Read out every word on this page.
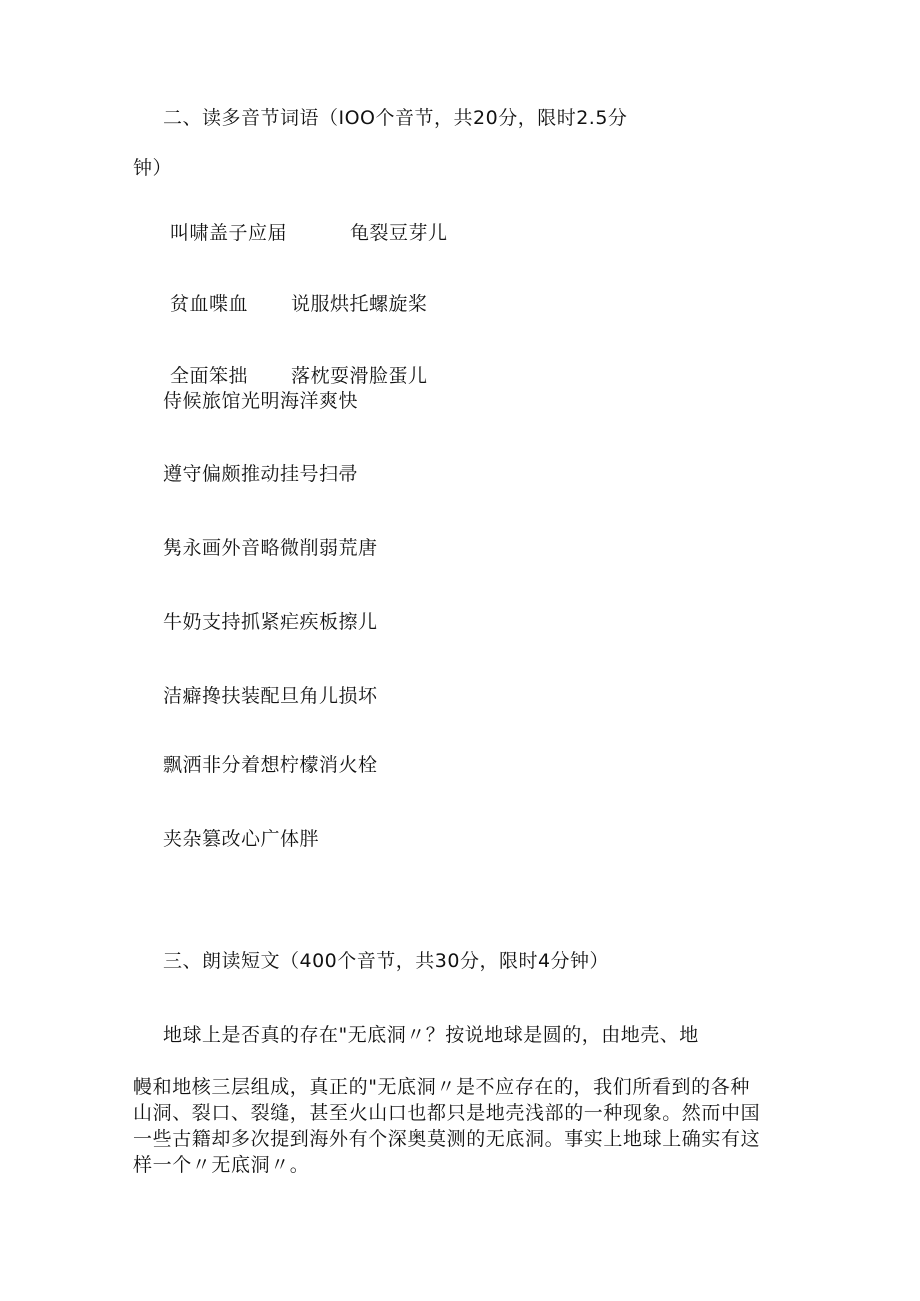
二、读多音节词语（IOO个音节，共20分，限时2.5分
钟）
叫啸盖子应届	龟裂豆芽儿
贫血喋血 说服烘托螺旋桨
全面笨拙 落枕耍滑脸蛋儿
侍候旅馆光明海洋爽快
遵守偏颇推动挂号扫帚
隽永画外音略微削弱荒唐
牛奶支持抓紧疟疾板擦儿
洁癖搀扶装配旦角儿损坏
飘洒非分着想柠檬消火栓
夹杂篡改心广体胖
三、朗读短文（400个音节，共30分，限时4分钟）
地球上是否真的存在"无底洞〃？按说地球是圆的，由地壳、地
幔和地核三层组成，真正的"无底洞〃是不应存在的，我们所看到的各种
山洞、裂口、裂缝，甚至火山口也都只是地壳浅部的一种现象。然而中国
一些古籍却多次提到海外有个深奥莫测的无底洞。事实上地球上确实有这
样一个〃无底洞〃。
